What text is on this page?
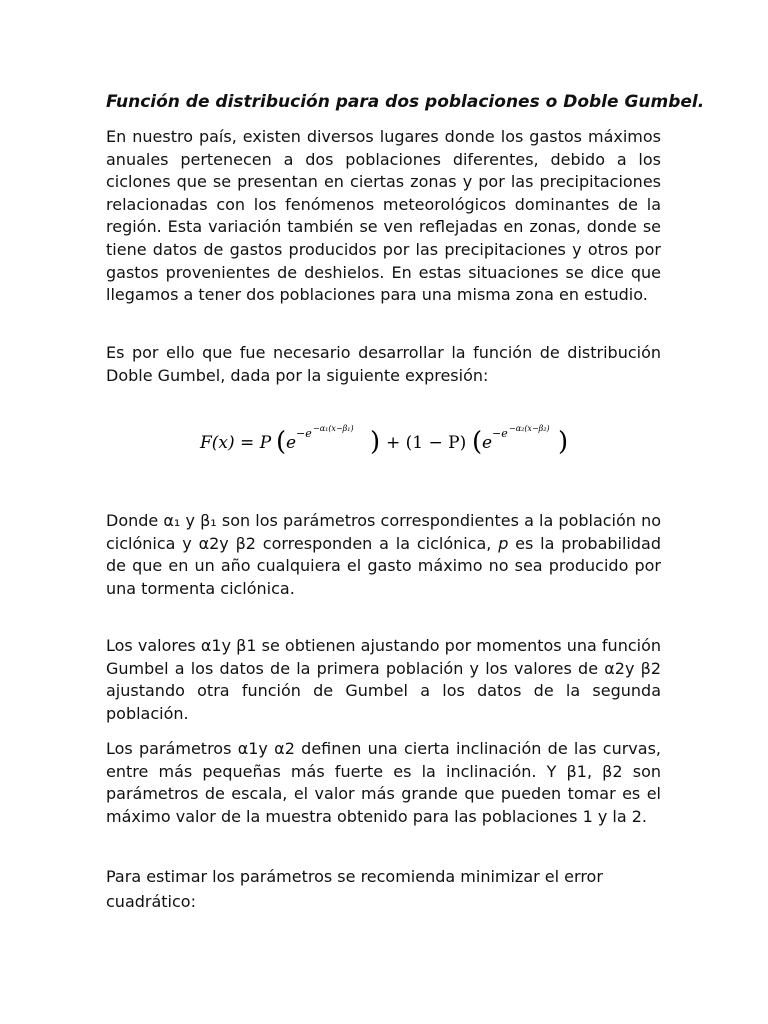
Función de distribución para dos poblaciones o Doble Gumbel.
En nuestro país, existen diversos lugares donde los gastos máximos anuales pertenecen a dos poblaciones diferentes, debido a los ciclones que se presentan en ciertas zonas y por las precipitaciones relacionadas con los fenómenos meteorológicos dominantes de la región. Esta variación también se ven reflejadas en zonas, donde se tiene datos de gastos producidos por las precipitaciones y otros por gastos provenientes de deshielos. En estas situaciones se dice que llegamos a tener dos poblaciones para una misma zona en estudio.
Es por ello que fue necesario desarrollar la función de distribución Doble Gumbel, dada por la siguiente expresión:
F(x) = P ( e −e −α₁(x−β₁) ) + (1 − P) ( e −e −α₂(x−β₂) )
Donde α₁ y β₁ son los parámetros correspondientes a la población no ciclónica y α2y β2 corresponden a la ciclónica, p es la probabilidad de que en un año cualquiera el gasto máximo no sea producido por una tormenta ciclónica.
Los valores α1y β1 se obtienen ajustando por momentos una función Gumbel a los datos de la primera población y los valores de α2y β2 ajustando otra función de Gumbel a los datos de la segunda población.
Los parámetros α1y α2 definen una cierta inclinación de las curvas, entre más pequeñas más fuerte es la inclinación. Y β1, β2 son parámetros de escala, el valor más grande que pueden tomar es el máximo valor de la muestra obtenido para las poblaciones 1 y la 2.
Para estimar los parámetros se recomienda minimizar el error
cuadrático:
